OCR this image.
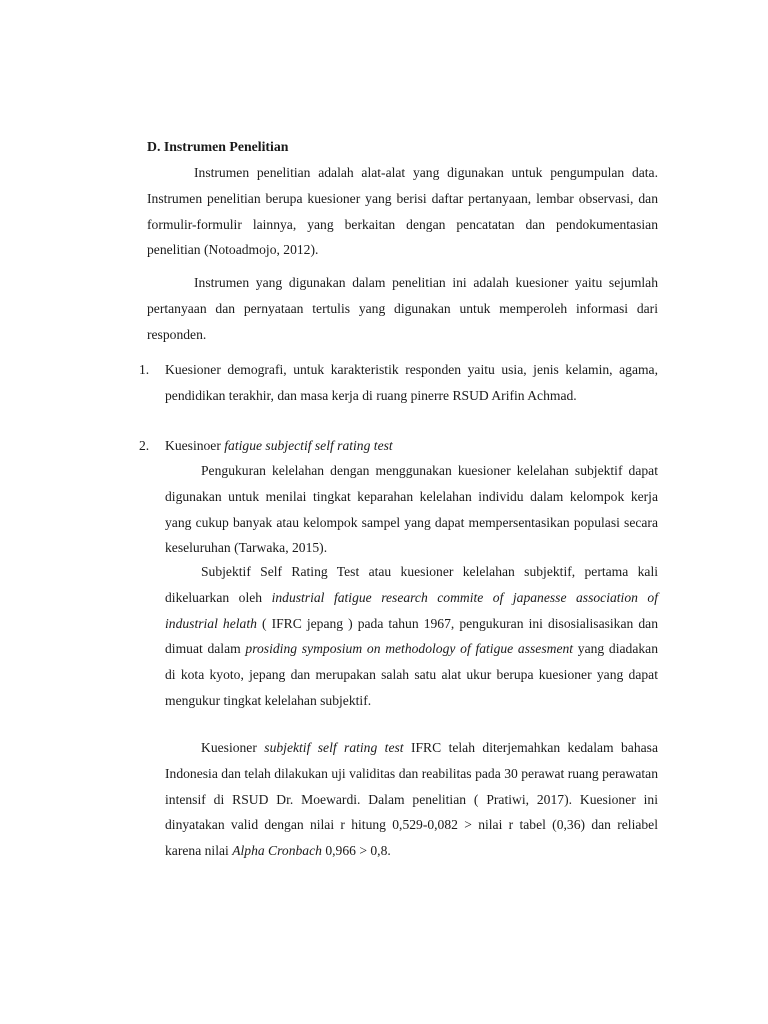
D. Instrumen Penelitian

Instrumen penelitian adalah alat-alat yang digunakan untuk pengumpulan data. Instrumen penelitian berupa kuesioner yang berisi daftar pertanyaan, lembar observasi, dan formulir-formulir lainnya, yang berkaitan dengan pencatatan dan pendokumentasian penelitian (Notoadmojo, 2012).

Instrumen yang digunakan dalam penelitian ini adalah kuesioner yaitu sejumlah pertanyaan dan pernyataan tertulis yang digunakan untuk memperoleh informasi dari responden.

1. Kuesioner demografi, untuk karakteristik responden yaitu usia, jenis kelamin, agama, pendidikan terakhir, dan masa kerja di ruang pinerre RSUD Arifin Achmad.
2. Kuesinoer fatigue subjectif self rating test

Pengukuran kelelahan dengan menggunakan kuesioner kelelahan subjektif dapat digunakan untuk menilai tingkat keparahan kelelahan individu dalam kelompok kerja yang cukup banyak atau kelompok sampel yang dapat mempersentasikan populasi secara keseluruhan (Tarwaka, 2015).

Subjektif Self Rating Test atau kuesioner kelelahan subjektif, pertama kali dikeluarkan oleh industrial fatigue research commite of japanesse association of industrial helath ( IFRC jepang ) pada tahun 1967, pengukuran ini disosialisasikan dan dimuat dalam prosiding symposium on methodology of fatigue assesment yang diadakan di kota kyoto, jepang dan merupakan salah satu alat ukur berupa kuesioner yang dapat mengukur tingkat kelelahan subjektif.

Kuesioner subjektif self rating test IFRC telah diterjemahkan kedalam bahasa Indonesia dan telah dilakukan uji validitas dan reabilitas pada 30 perawat ruang perawatan intensif di RSUD Dr. Moewardi. Dalam penelitian ( Pratiwi, 2017). Kuesioner ini dinyatakan valid dengan nilai r hitung 0,529-0,082 > nilai r tabel (0,36) dan reliabel karena nilai Alpha Cronbach 0,966 > 0,8.
